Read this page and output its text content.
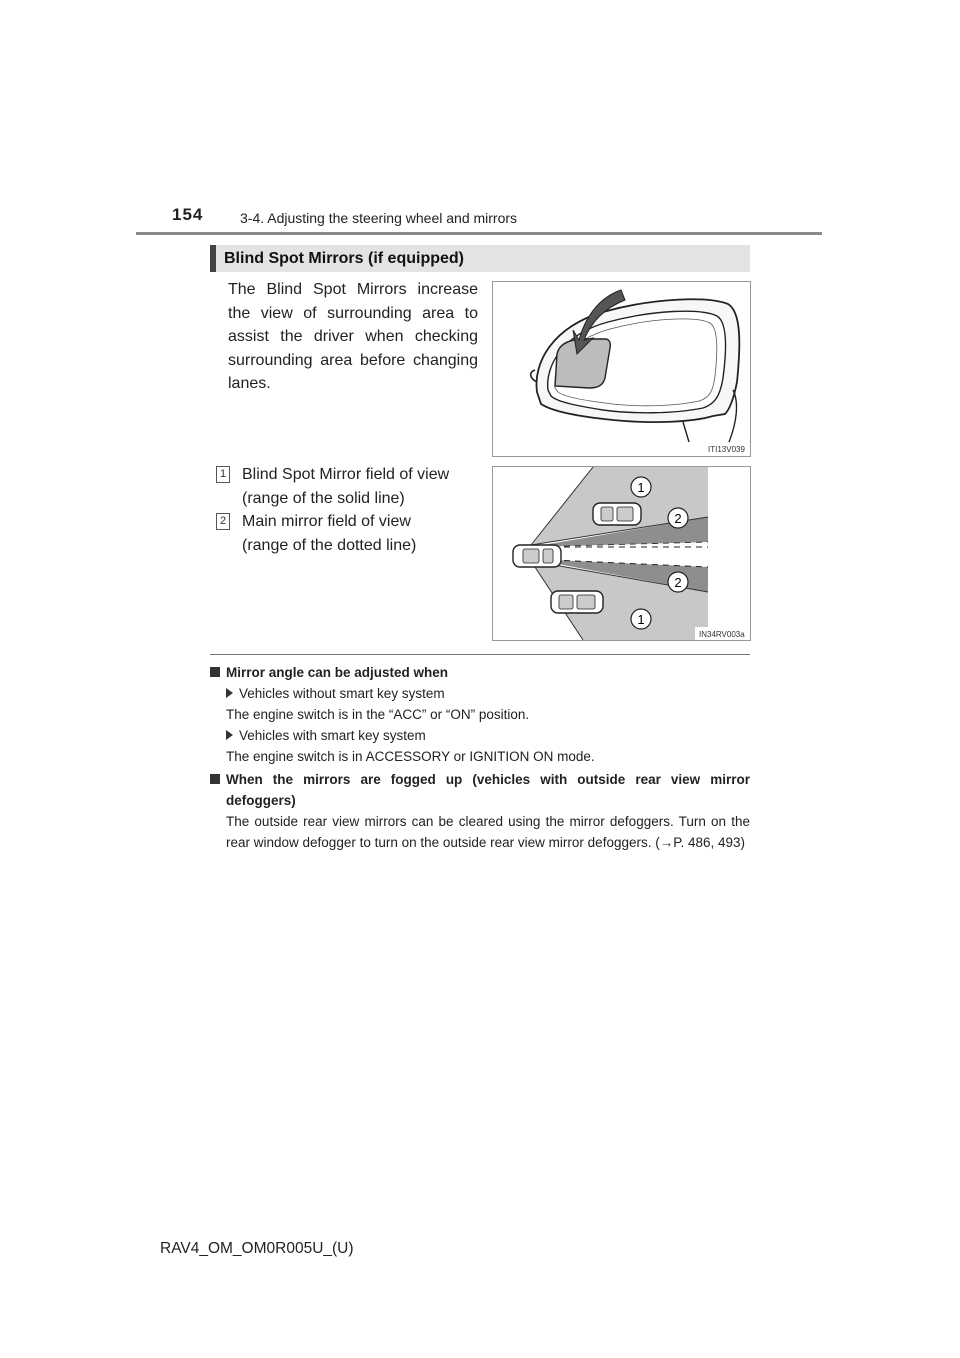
154	3-4. Adjusting the steering wheel and mirrors
Blind Spot Mirrors (if equipped)
The Blind Spot Mirrors increase the view of surrounding area to assist the driver when checking surrounding area before changing lanes.
ITI13V039
1
2
2
1
IN34RV003a
1 Blind Spot Mirror field of view
(range of the solid line)
2 Main mirror field of view
(range of the dotted line)
Mirror angle can be adjusted when
Vehicles without smart key system
The engine switch is in the “ACC” or “ON” position.
Vehicles with smart key system
The engine switch is in ACCESSORY or IGNITION ON mode.
When the mirrors are fogged up (vehicles with outside rear view mirror defoggers)
The outside rear view mirrors can be cleared using the mirror defoggers. Turn on the rear window defogger to turn on the outside rear view mirror defoggers. (→P. 486, 493)
RAV4_OM_OM0R005U_(U)
